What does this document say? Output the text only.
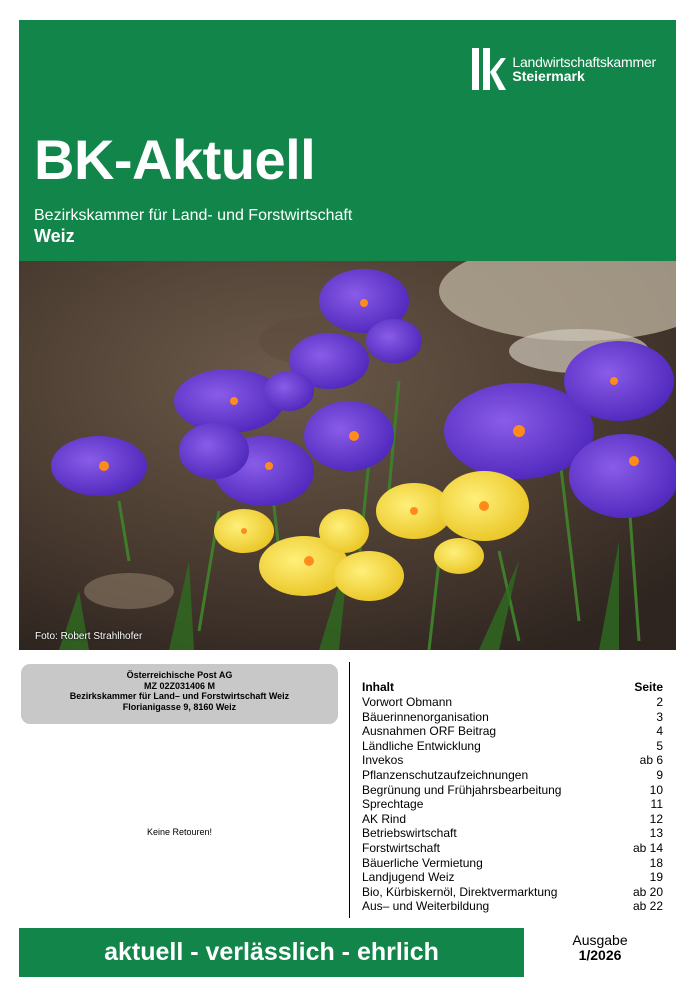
Landwirtschaftskammer
Steiermark
BK-Aktuell
Bezirkskammer für Land- und Forstwirtschaft
Weiz
Foto: Robert Strahlhofer
Österreichische Post AG
MZ 02Z031406 M
Bezirkskammer für Land– und Forstwirtschaft Weiz
Florianigasse 9, 8160 Weiz
Keine Retouren!
Inhalt	Seite
Vorwort Obmann	2
Bäuerinnenorganisation	3
Ausnahmen ORF Beitrag	4
Ländliche Entwicklung	5
Invekos	ab 6
Pflanzenschutzaufzeichnungen	9
Begrünung und Frühjahrsbearbeitung	10
Sprechtage	11
AK Rind	12
Betriebswirtschaft	13
Forstwirtschaft	ab 14
Bäuerliche Vermietung	18
Landjugend Weiz	19
Bio, Kürbiskernöl, Direktvermarktung	ab 20
Aus– und Weiterbildung	ab 22
aktuell - verlässlich - ehrlich	Ausgabe
1/2026
